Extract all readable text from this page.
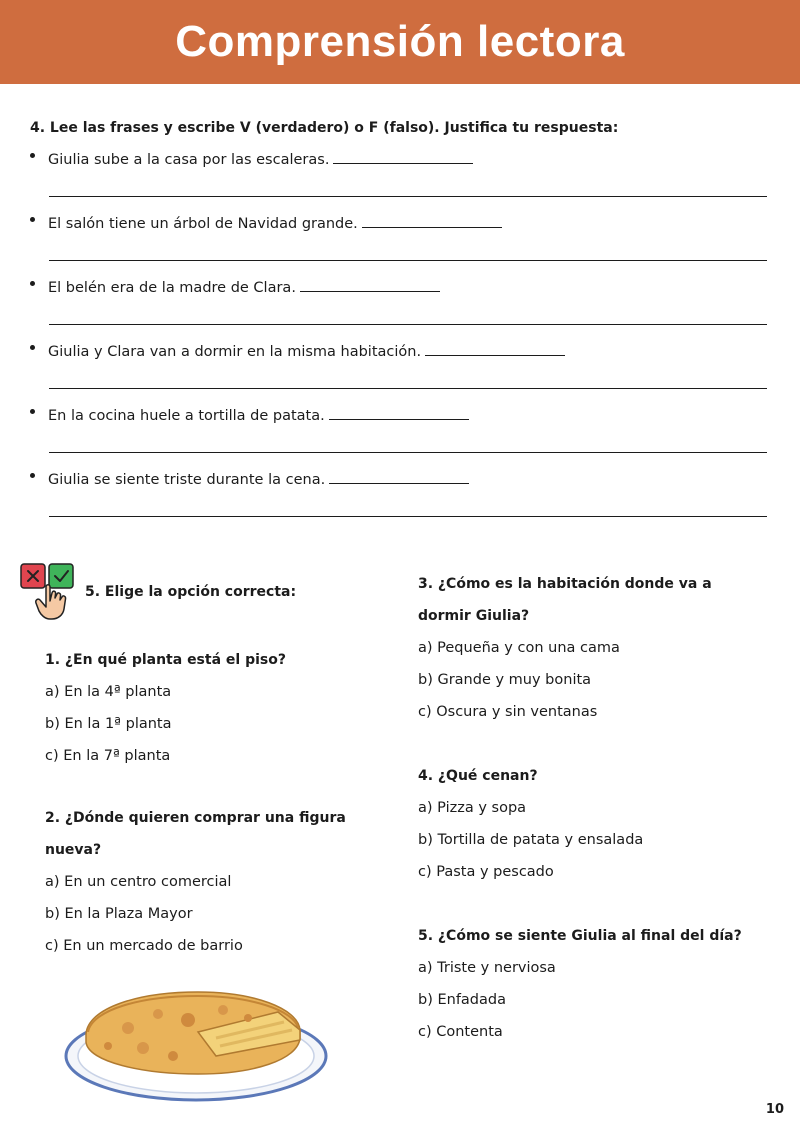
Comprensión lectora
4. Lee las frases y escribe V (verdadero) o F (falso). Justifica tu respuesta:
Giulia sube a la casa por las escaleras.
El salón tiene un árbol de Navidad grande.
El belén era de la madre de Clara.
Giulia y Clara van a dormir en la misma habitación.
En la cocina huele a tortilla de patata.
Giulia se siente triste durante la cena.
5. Elige la opción correcta:
1. ¿En qué planta está el piso?
a) En la 4ª planta
b) En la 1ª planta
c) En la 7ª planta
2. ¿Dónde quieren comprar una figura
nueva?
a) En un centro comercial
b) En la Plaza Mayor
c) En un mercado de barrio
3. ¿Cómo es la habitación donde va a
dormir Giulia?
a) Pequeña y con una cama
b) Grande y muy bonita
c) Oscura y sin ventanas
4. ¿Qué cenan?
a) Pizza y sopa
b) Tortilla de patata y ensalada
c) Pasta y pescado
5. ¿Cómo se siente Giulia al final del día?
a) Triste y nerviosa
b) Enfadada
c) Contenta
10
